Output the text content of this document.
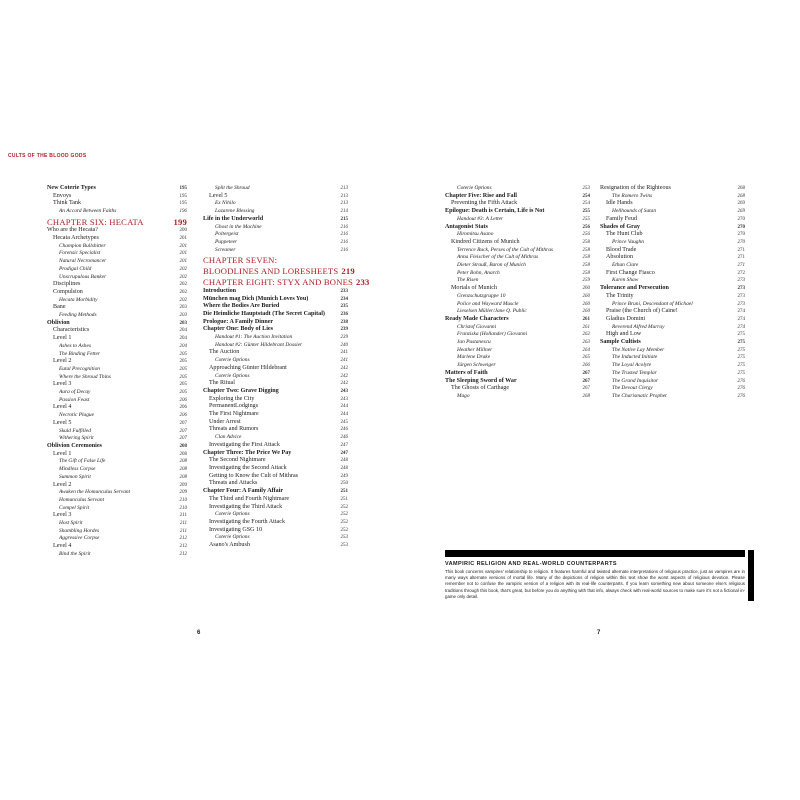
CULTS OF THE BLOOD GODS
New Coterie Types	195
Envoys	195
Think Tank	195
An Accord Between Faiths	196
CHAPTER SIX: HECATA	199
Who are the Hecata?	200
Hecata Archetypes	201
Champion Bullshitter	201
Forensic Specialist	201
Natural Necromancer	201
Prodigal Child	202
Unscrupulous Banker	202
Disciplines	202
Compulsion	202
Hecata Morbidity	202
Bane	203
Feeding Methods	203
Oblivion	203
Characteristics	204
Level 1	204
Ashes to Ashes	204
The Binding Fetter	205
Level 2	205
Eutal Precognition	205
Where the Shroud Thins	205
Level 3	205
Aura of Decay	205
Passion Feast	206
Level 4	206
Necrotic Plague	206
Level 5	207
Skuld Fulfilled	207
Withering Spirit	207
Oblivion Ceremonies	208
Level 1	208
The Gift of False Life	208
Mindless Corpse	208
Summon Spirit	208
Level 2	209
Awaken the Homunculus Servant	209
Homunculus Servant	210
Compel Spirit	210
Level 3	211
Host Spirit	211
Shambling Hordes	211
Aggressive Corpse	212
Level 4	212
Bind the Spirit	212
Split the Shroud	213
Level 5	213
Ex Nihilo	213
Lazarene Blessing	214
Life in the Underworld	215
Ghost in the Machine	216
Poltergeist	216
Puppeteer	216
Screamer	216
CHAPTER SEVEN:
BLOODLINES AND LORESHEETS 219
CHAPTER EIGHT: STYX AND BONES 233
Introduction	233
München mag Dich (Munich Loves You)	234
Where the Bodies Are Buried	235
Die Heimliche Hauptstadt (The Secret Capital)	236
Prologue: A Family Dinner	238
Chapter One: Body of Lies	239
Handout #1: The Auction Invitation	239
Handout #2: Günter Hildebrant Dossier	240
The Auction	241
Coterie Options	241
Approaching Günter Hildebrant	242
Coterie Options	242
The Ritual	242
Chapter Two: Grave Digging	243
Exploring the City	243
PermanentLodgings	244
The First Nightmare	244
Under Arrest	245
Threats and Rumors	246
Clan Advice	246
Investigating the First Attack	247
Chapter Three: The Price We Pay	247
The Second Nightmare	248
Investigating the Second Attack	248
Getting to Know the Cult of Mithras	249
Threats and Attacks	250
Chapter Four: A Family Affair	251
The Third and Fourth Nightmare	251
Investigating the Third Attack	252
Coterie Options	252
Investigating the Fourth Attack	252
Investigating GSG 10	252
Coterie Options	253
Asano's Ambush	253
Coterie Options	253
Chapter Five: Rise and Fall	254
Preventing the Fifth Attack	254
Epilogue: Death is Certain, Life is Not	255
Handout #3: A Letter	255
Antagonist Stats	256
Hiromitsu Asano	256
Kindred Citizens of Munich	258
Terrence Ruck, Perses of the Cult of Mithras	258
Anna Fleischer of the Cult of Mithras	258
Dieter Strauß, Baron of Munich	258
Peter Bohn, Anarch	258
The Risen	259
Mortals of Munich	260
Grenzschutzgruppe 10	260
Police and Wayward Muscle	260
Lieselsen Müller/Jane Q. Public	260
Ready Made Characters	261
Christof Giovanni	261
Franziska (Hollander) Giovanni	262
Jan Pustanescu	263
Heather Millner	264
Marlene Drake	265
Jürgen Schweiger	266
Matters of Faith	267
The Sleeping Sword of War	267
The Ghosts of Carthage	267
Mago	268
Resignation of the Righteous	268
The Romero Twins	268
Idle Hands	269
Hellhounds of Satan	269
Family Feud	270
Shades of Gray	270
The Hunt Club	270
Prince Vaughn	270
Blood Trade	271
Absolution	271
Ethan Clare	271
First Change Fiasco	272
Karen Shaw	273
Tolerance and Persecution	273
The Trinity	273
Prince Bruni, Descendant of Michael	273
Praise (the Church of) Caine!	274
Gladius Domini	274
Reverend Alfred Murray	274
High and Low	275
Sample Cultists	275
The Native Lay Member	275
The Inducted Initiate	275
The Loyal Acolyte	275
The Trusted Templar	275
The Grand Inquisitor	276
The Devout Clergy	276
The Charismatic Prophet	276
6	7
VAMPIRIC RELIGION AND REAL-WORLD COUNTERPARTS
This book concerns vampires' relationship to religion. It features harmful and twisted alternate interpretations of religious practice, just as vampires are in many ways alternate versions of mortal life. Many of the depictions of religion within this text show the worst aspects of religious devotion. Please remember not to confuse the vampiric version of a religion with its real-life counterparts. If you learn something new about someone else's religious traditions through this book, that's great, but before you do anything with that info, always check with real-world sources to make sure it's not a fictional in-game only detail.
